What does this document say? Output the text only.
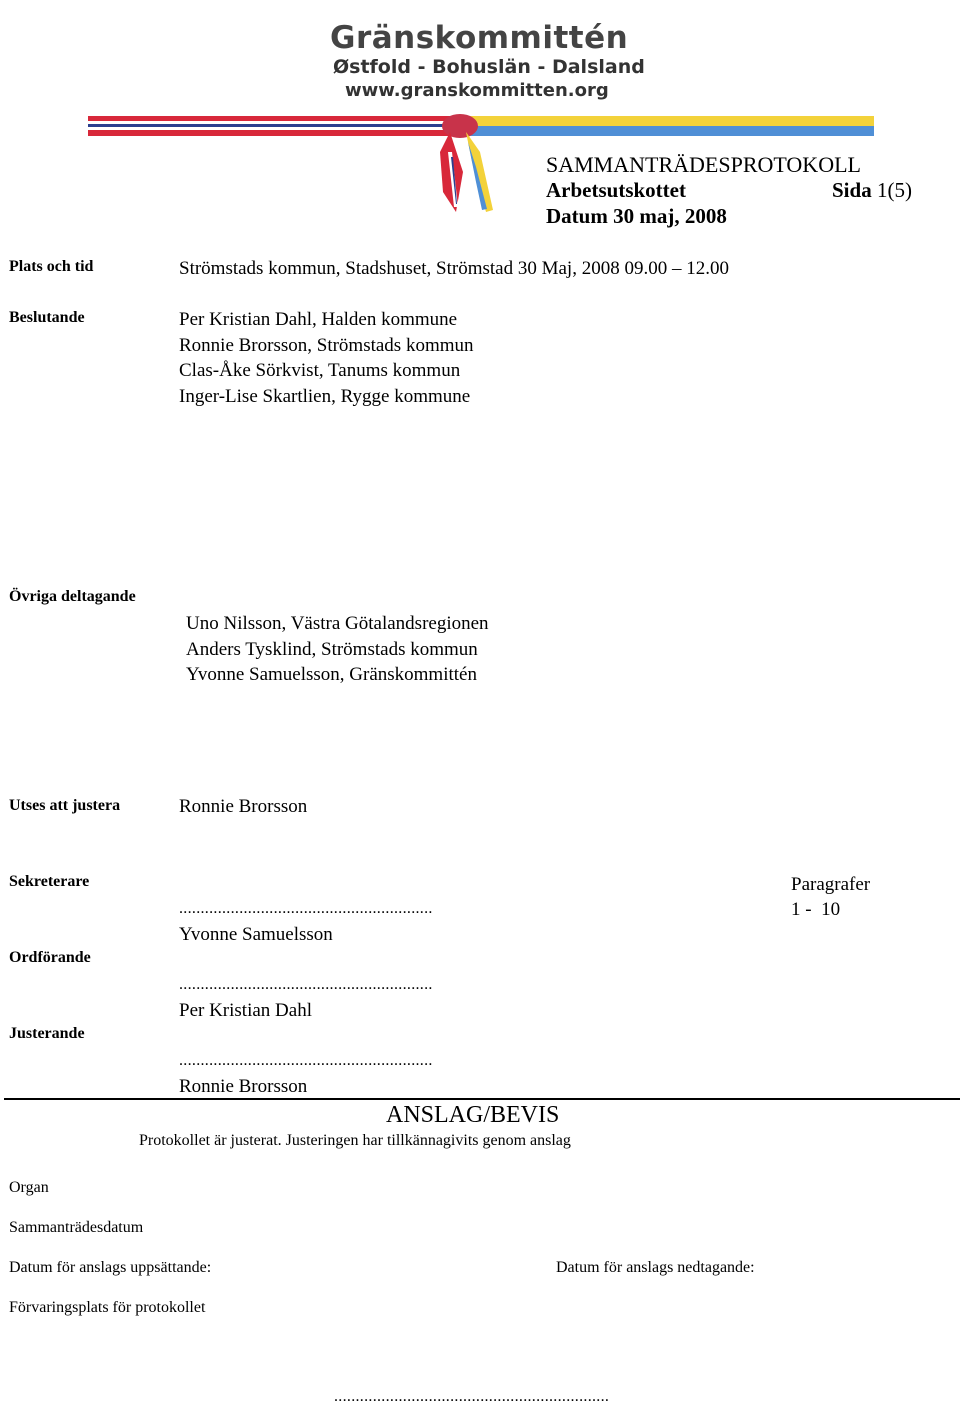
Gränskommittén
Østfold - Bohuslän - Dalsland
www.granskommitten.org
SAMMANTRÄDESPROTOKOLL
Arbetsutskottet	Sida 1(5)
Datum 30 maj, 2008
Plats och tid	Strömstads kommun, Stadshuset, Strömstad 30 Maj, 2008 09.00 – 12.00
Beslutande	Per Kristian Dahl, Halden kommune
Ronnie Brorsson, Strömstads kommun
Clas-Åke Sörkvist, Tanums kommun
Inger-Lise Skartlien, Rygge kommune
Övriga deltagande
Uno Nilsson, Västra Götalandsregionen
Anders Tysklind, Strömstads kommun
Yvonne Samuelsson, Gränskommittén
Utses att justera	Ronnie Brorsson
Sekreterare
...........................................................
Yvonne Samuelsson
Ordförande
...........................................................
Per Kristian Dahl
Justerande
...........................................................
Ronnie Brorsson
Paragrafer
1 -  10
ANSLAG/BEVIS
Protokollet är justerat. Justeringen har tillkännagivits genom anslag
Organ
Sammanträdesdatum
Datum för anslags uppsättande:	Datum för anslags nedtagande:
Förvaringsplats för protokollet
................................................................
